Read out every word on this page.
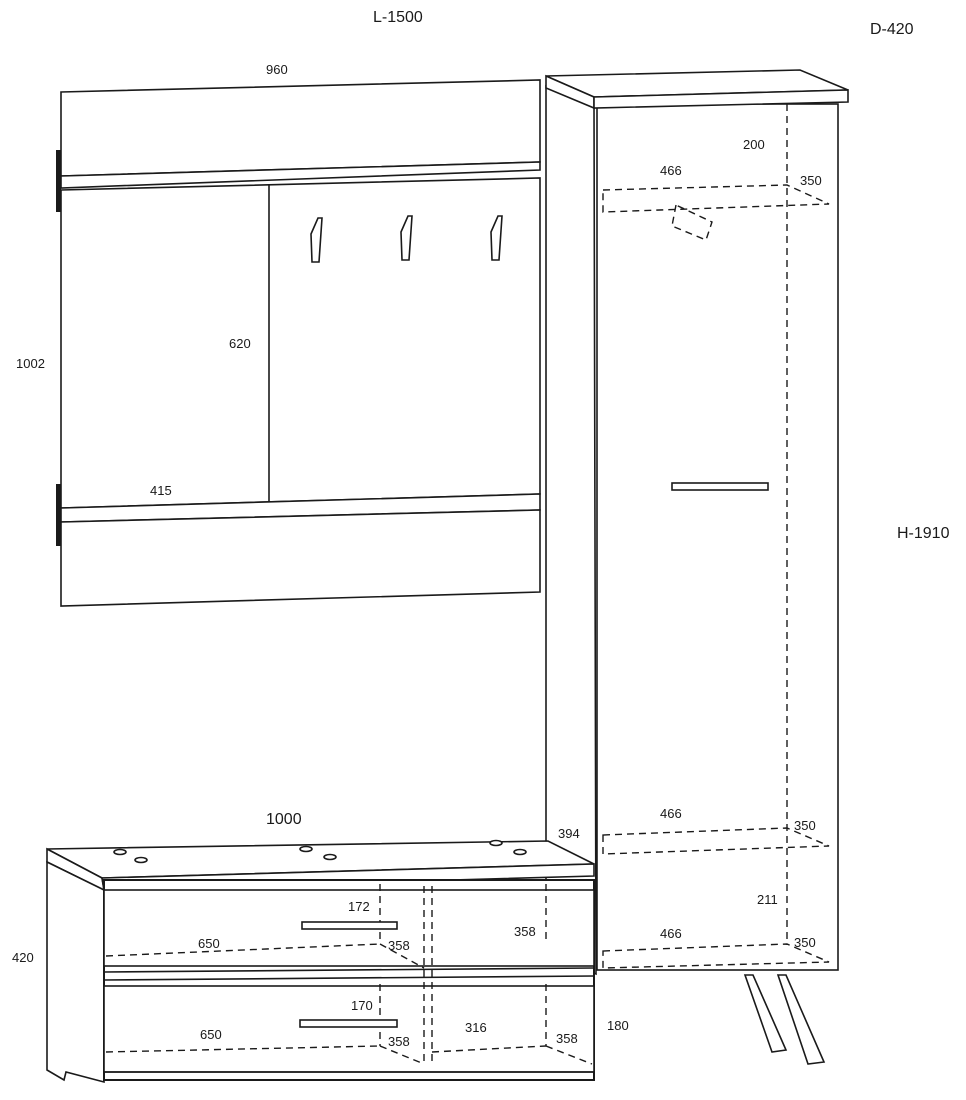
L-1500
D-420
H-1910
960
1002
620
415
200
466
350
466
350
394
211
466
350
1000
420
180
172
650	358
358
170
650	358
316
358
